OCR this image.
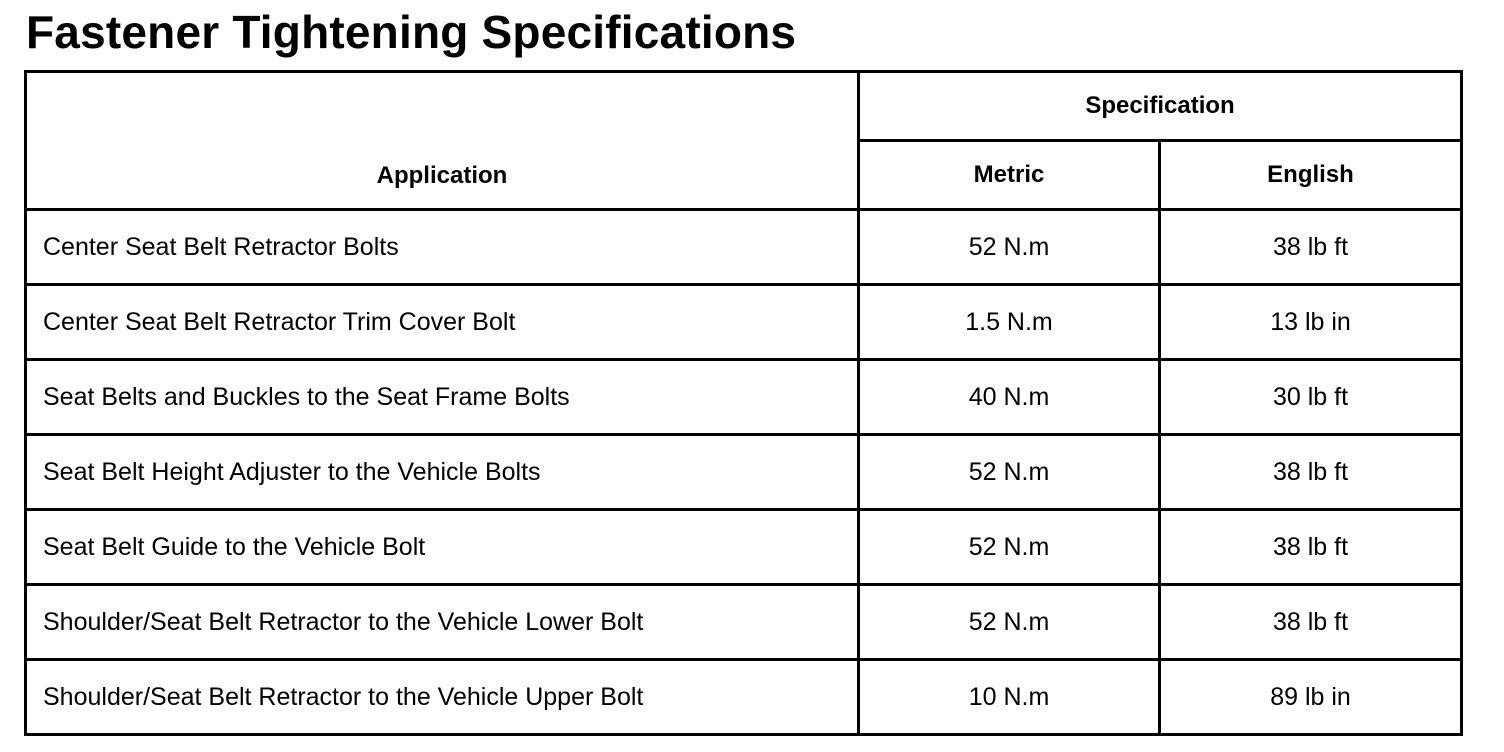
Fastener Tightening Specifications
Application	Specification	
	Metric	English
Center Seat Belt Retractor Bolts	52 N.m	38 lb ft
Center Seat Belt Retractor Trim Cover Bolt	1.5 N.m	13 lb in
Seat Belts and Buckles to the Seat Frame Bolts	40 N.m	30 lb ft
Seat Belt Height Adjuster to the Vehicle Bolts	52 N.m	38 lb ft
Seat Belt Guide to the Vehicle Bolt	52 N.m	38 lb ft
Shoulder/Seat Belt Retractor to the Vehicle Lower Bolt	52 N.m	38 lb ft
Shoulder/Seat Belt Retractor to the Vehicle Upper Bolt	10 N.m	89 lb in
